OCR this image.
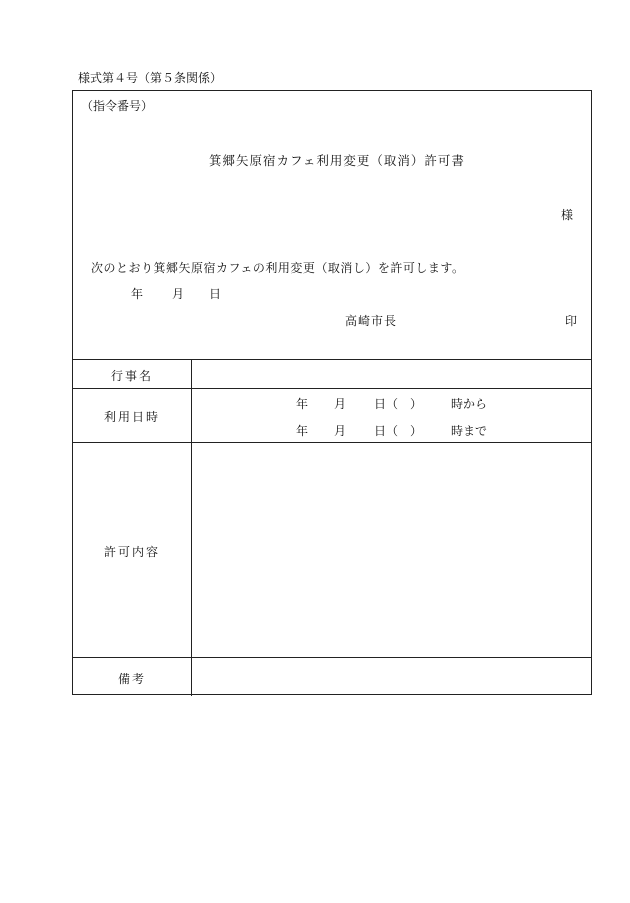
様式第４号（第５条関係）
（指令番号）
箕郷矢原宿カフェ利用変更（取消）許可書
様
次のとおり箕郷矢原宿カフェの利用変更（取消し）を許可します。
年 月 日
高崎市長	印
行事名
利用日時
許可内容
備考
年 月 日（　） 時から
年 月 日（　） 時まで
